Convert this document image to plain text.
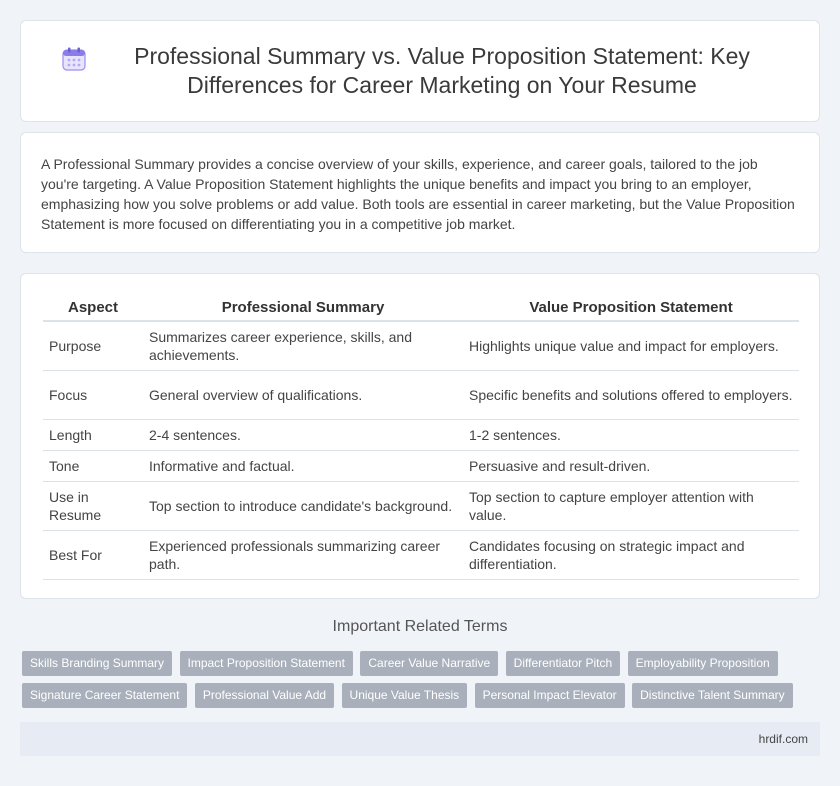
Professional Summary vs. Value Proposition Statement: Key Differences for Career Marketing on Your Resume

A Professional Summary provides a concise overview of your skills, experience, and career goals, tailored to the job you're targeting. A Value Proposition Statement highlights the unique benefits and impact you bring to an employer, emphasizing how you solve problems or add value. Both tools are essential in career marketing, but the Value Proposition Statement is more focused on differentiating you in a competitive job market.

Aspect	Professional Summary	Value Proposition Statement
Purpose	Summarizes career experience, skills, and achievements.	Highlights unique value and impact for employers.
Focus	General overview of qualifications.	Specific benefits and solutions offered to employers.
Length	2-4 sentences.	1-2 sentences.
Tone	Informative and factual.	Persuasive and result-driven.
Use in Resume	Top section to introduce candidate's background.	Top section to capture employer attention with value.
Best For	Experienced professionals summarizing career path.	Candidates focusing on strategic impact and differentiation.
Important Related Terms
Skills Branding Summary Impact Proposition Statement Career Value Narrative Differentiator Pitch Employability Proposition Signature Career Statement Professional Value Add Unique Value Thesis Personal Impact Elevator Distinctive Talent Summary
hrdif.com
